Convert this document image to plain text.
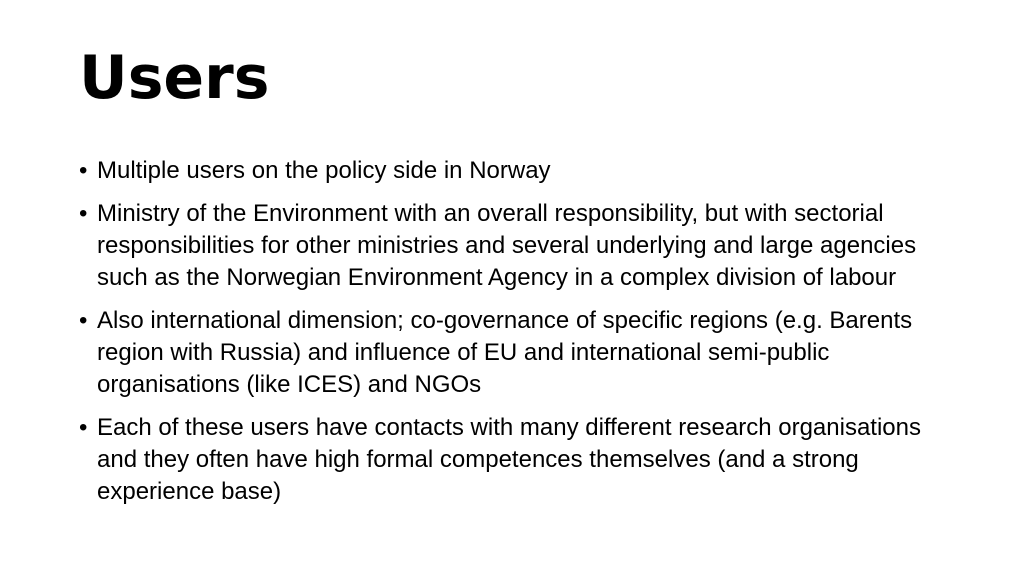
Users
• Multiple users on the policy side in Norway
• Ministry of the Environment with an overall responsibility, but with sectorial responsibilities for other ministries and several underlying and large agencies such as the Norwegian Environment Agency in a complex division of labour
• Also international dimension; co-governance of specific regions (e.g. Barents region with Russia) and influence of EU and international semi-public organisations (like ICES) and NGOs
• Each of these users have contacts with many different research organisations and they often have high formal competences themselves (and a strong experience base)
